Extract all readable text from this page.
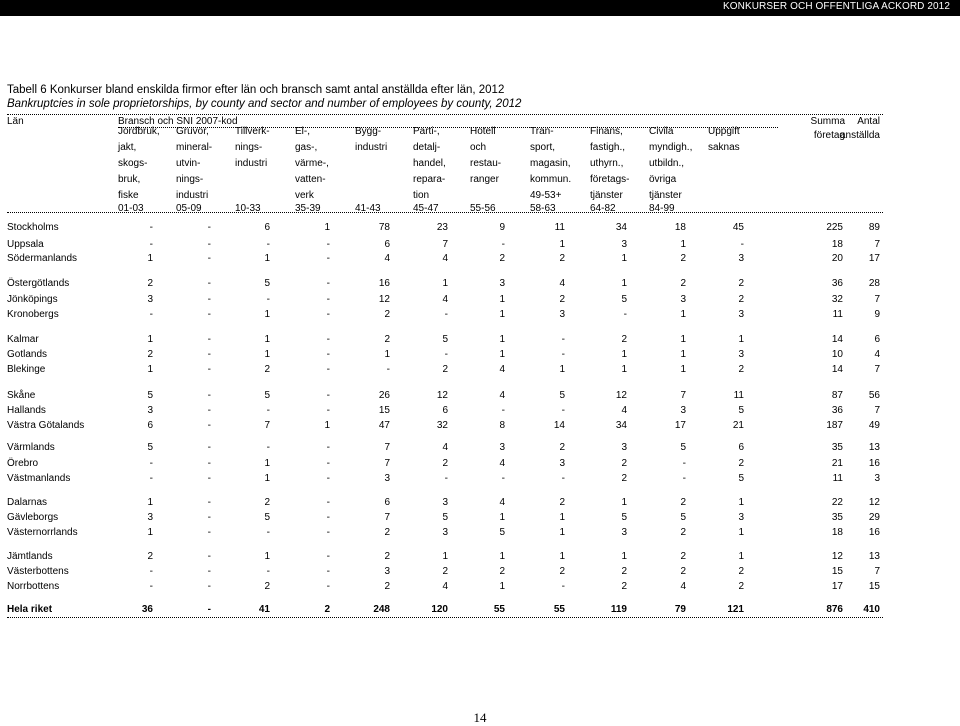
KONKURSER OCH OFFENTLIGA ACKORD 2012
Tabell 6 Konkurser bland enskilda firmor efter län och bransch samt antal anställda efter län, 2012
Bankruptcies in sole proprietorships, by county and sector and number of employees by county, 2012
Län	Bransch och SNI 2007-kod	Summa
företag
Antal
anställda
Jordbruk,
jakt,
skogs-
bruk,
fiske
01-03
Gruvor,
mineral-
utvin-
nings-
industri
05-09
Tillverk-
nings-
industri
10-33
El-,
gas-,
värme-,
vatten-
verk
35-39
Bygg-
industri
41-43
Parti-,
detalj-
handel,
repara-
tion
45-47
Hotell
och
restau-
ranger
55-56
Tran-
sport,
magasin,
kommun.
49-53+
58-63
Finans,
fastigh.,
uthyrn.,
företags-
tjänster
64-82
Civila
myndigh.,
utbildn.,
övriga
tjänster
84-99
Uppgift
saknas
Stockholms	-	-	6	1	78	23	9	11	34	18	45	225	89
Uppsala	-	-	-	-	6	7	-	1	3	1	-	18	7
Södermanlands	1	-	1	-	4	4	2	2	1	2	3	20	17
Östergötlands	2	-	5	-	16	1	3	4	1	2	2	36	28
Jönköpings	3	-	-	-	12	4	1	2	5	3	2	32	7
Kronobergs	-	-	1	-	2	-	1	3	-	1	3	11	9
Kalmar	1	-	1	-	2	5	1	-	2	1	1	14	6
Gotlands	2	-	1	-	1	-	1	-	1	1	3	10	4
Blekinge	1	-	2	-	-	2	4	1	1	1	2	14	7
Skåne	5	-	5	-	26	12	4	5	12	7	11	87	56
Hallands	3	-	-	-	15	6	-	-	4	3	5	36	7
Västra Götalands	6	-	7	1	47	32	8	14	34	17	21	187	49
Värmlands	5	-	-	-	7	4	3	2	3	5	6	35	13
Örebro	-	-	1	-	7	2	4	3	2	-	2	21	16
Västmanlands	-	-	1	-	3	-	-	-	2	-	5	11	3
Dalarnas	1	-	2	-	6	3	4	2	1	2	1	22	12
Gävleborgs	3	-	5	-	7	5	1	1	5	5	3	35	29
Västernorrlands	1	-	-	-	2	3	5	1	3	2	1	18	16
Jämtlands	2	-	1	-	2	1	1	1	1	2	1	12	13
Västerbottens	-	-	-	-	3	2	2	2	2	2	2	15	7
Norrbottens	-	-	2	-	2	4	1	-	2	4	2	17	15
Hela riket	36	-	41	2	248	120	55	55	119	79	121	876	410
14
